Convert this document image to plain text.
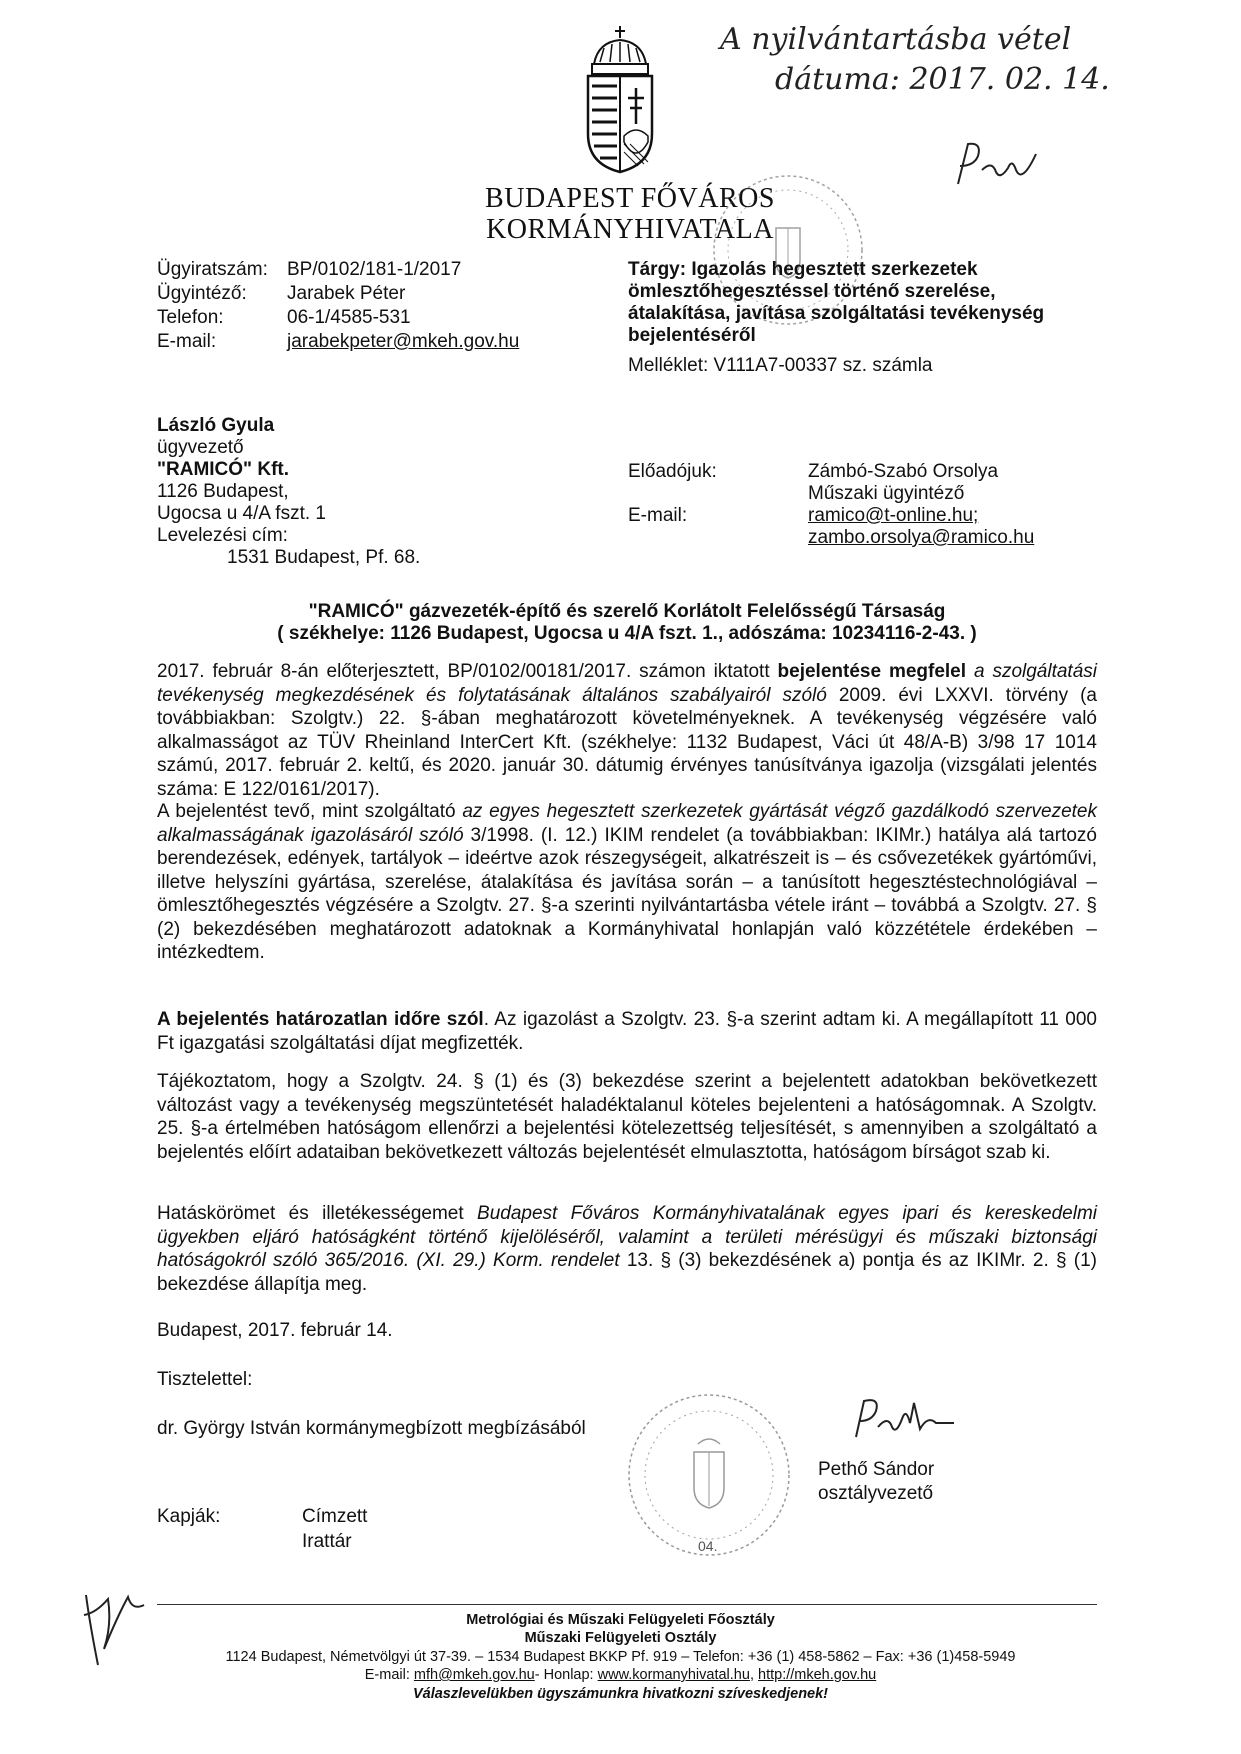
A nyilvántartásba vétel
dátuma: 2017. 02. 14.
BUDAPEST FŐVÁROS
KORMÁNYHIVATALA
Ügyiratszám: BP/0102/181-1/2017
Ügyintéző: Jarabek Péter
Telefon:	06-1/4585-531
E-mail:	jarabekpeter@mkeh.gov.hu
Tárgy: Igazolás hegesztett szerkezetek
ömlesztőhegesztéssel történő szerelése,
átalakítása, javítása szolgáltatási tevékenység
bejelentéséről
Melléklet: V111A7-00337 sz. számla
László Gyula
ügyvezető
"RAMICÓ" Kft.
1126 Budapest,
Ugocsa u 4/A fszt. 1
Levelezési cím:
1531 Budapest, Pf. 68.
Előadójuk:	Zámbó-Szabó Orsolya
Műszaki ügyintéző
E-mail:	ramico@t-online.hu;
zambo.orsolya@ramico.hu
"RAMICÓ" gázvezeték-építő és szerelő Korlátolt Felelősségű Társaság
( székhelye: 1126 Budapest, Ugocsa u 4/A fszt. 1., adószáma: 10234116-2-43. )
2017. február 8-án előterjesztett, BP/0102/00181/2017. számon iktatott bejelentése megfelel a szolgáltatási tevékenység megkezdésének és folytatásának általános szabályairól szóló 2009. évi LXXVI. törvény (a továbbiakban: Szolgtv.) 22. §-ában meghatározott követelményeknek. A tevékenység végzésére való alkalmasságot az TÜV Rheinland InterCert Kft. (székhelye: 1132 Budapest, Váci út 48/A-B) 3/98 17 1014 számú, 2017. február 2. keltű, és 2020. január 30. dátumig érvényes tanúsítványa igazolja (vizsgálati jelentés száma: E 122/0161/2017).
A bejelentést tevő, mint szolgáltató az egyes hegesztett szerkezetek gyártását végző gazdálkodó szervezetek alkalmasságának igazolásáról szóló 3/1998. (I. 12.) IKIM rendelet (a továbbiakban: IKIMr.) hatálya alá tartozó berendezések, edények, tartályok – ideértve azok részegységeit, alkatrészeit is – és csővezetékek gyártóművi, illetve helyszíni gyártása, szerelése, átalakítása és javítása során – a tanúsított hegesztéstechnológiával – ömlesztőhegesztés végzésére a Szolgtv. 27. §-a szerinti nyilvántartásba vétele iránt – továbbá a Szolgtv. 27. § (2) bekezdésében meghatározott adatoknak a Kormányhivatal honlapján való közzététele érdekében – intézkedtem.
A bejelentés határozatlan időre szól. Az igazolást a Szolgtv. 23. §-a szerint adtam ki. A megállapított 11 000 Ft igazgatási szolgáltatási díjat megfizették.
Tájékoztatom, hogy a Szolgtv. 24. § (1) és (3) bekezdése szerint a bejelentett adatokban bekövetkezett változást vagy a tevékenység megszüntetését haladéktalanul köteles bejelenteni a hatóságomnak. A Szolgtv. 25. §-a értelmében hatóságom ellenőrzi a bejelentési kötelezettség teljesítését, s amennyiben a szolgáltató a bejelentés előírt adataiban bekövetkezett változás bejelentését elmulasztotta, hatóságom bírságot szab ki.
Hatáskörömet és illetékességemet Budapest Főváros Kormányhivatalának egyes ipari és kereskedelmi ügyekben eljáró hatóságként történő kijelöléséről, valamint a területi mérésügyi és műszaki biztonsági hatóságokról szóló 365/2016. (XI. 29.) Korm. rendelet 13. § (3) bekezdésének a) pontja és az IKIMr. 2. § (1) bekezdése állapítja meg.
Budapest, 2017. február 14.
Tisztelettel:
dr. György István kormánymegbízott megbízásából
04.
Pethő Sándor
osztályvezető
Kapják:	Címzett
Irattár
Metrológiai és Műszaki Felügyeleti Főosztály
Műszaki Felügyeleti Osztály
1124 Budapest, Németvölgyi út 37-39. – 1534 Budapest BKKP Pf. 919 – Telefon: +36 (1) 458-5862 – Fax: +36 (1)458-5949
E-mail: mfh@mkeh.gov.hu- Honlap: www.kormanyhivatal.hu, http://mkeh.gov.hu
Válaszlevelükben ügyszámunkra hivatkozni szíveskedjenek!
